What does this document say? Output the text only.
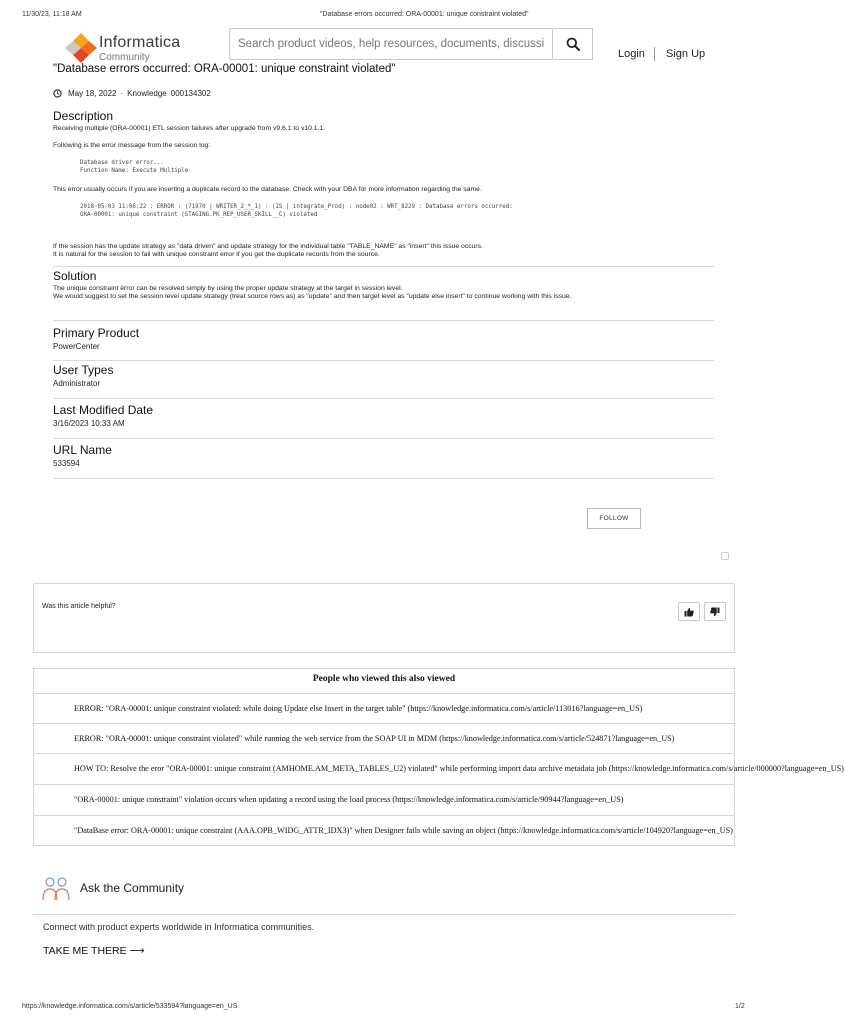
11/30/23, 11:18 AM	"Database errors occurred: ORA-00001: unique constraint violated"
Informatica
Community
Search product videos, help resources, documents, discussi	Login Sign Up
"Database errors occurred: ORA-00001: unique constraint violated"
May 18, 2022 · Knowledge 000134302
Description
Receiving multiple (ORA-00001) ETL session failures after upgrade from v9.6.1 to v10.1.1.
Following is the error message from the session log:
Database driver error...
Function Name: Execute Multiple
This error usually occurs if you are inserting a duplicate record to the database. Check with your DBA for more information regarding the same.
2018-05-03 11:06:22 : ERROR : (71970 | WRITER_2_*_1) : (IS | integrate_Prod) : node02 : WRT_8229 : Database errors occurred:
ORA-00001: unique constraint (STAGING.PK_REP_USER_SKILL__C) violated
If the session has the update strategy as "data driven" and update strategy for the individual table "TABLE_NAME" as "insert" this issue occurs.
It is natural for the session to fail with unique constraint error if you get the duplicate records from the source.
Solution
The unique constraint error can be resolved simply by using the proper update strategy at the target in session level.
We would suggest to set the session level update strategy (treat source rows as) as "update" and then target level as "update else insert" to continue working with this issue.
Primary Product
PowerCenter
User Types
Administrator
Last Modified Date
3/16/2023 10:33 AM
URL Name
533594
FOLLOW
Was this article helpful?
People who viewed this also viewed
ERROR: "ORA-00001: unique constraint violated: while doing Update else Insert in the target table" (https://knowledge.informatica.com/s/article/113016?language=en_US)
ERROR: "ORA-00001: unique constraint violated" while running the web service from the SOAP UI in MDM (https://knowledge.informatica.com/s/article/524871?language=en_US)
HOW TO: Resolve the eror "ORA-00001: unique constraint (AMHOME.AM_META_TABLES_U2) violated" while performing import data archive metadata job (https://knowledge.informatica.com/s/article/000000?language=en_US)
"ORA-00001: unique constraint" violation occurs when updating a record using the load process (https://knowledge.informatica.com/s/article/90944?language=en_US)
"DataBase error: ORA-00001: unique constraint (AAA.OPB_WIDG_ATTR_IDX3)" when Designer fails while saving an object (https://knowledge.informatica.com/s/article/104920?language=en_US)
Ask the Community
Connect with product experts worldwide in Informatica communities.
TAKE ME THERE ⟶
https://knowledge.informatica.com/s/article/533594?language=en_US	1/2
